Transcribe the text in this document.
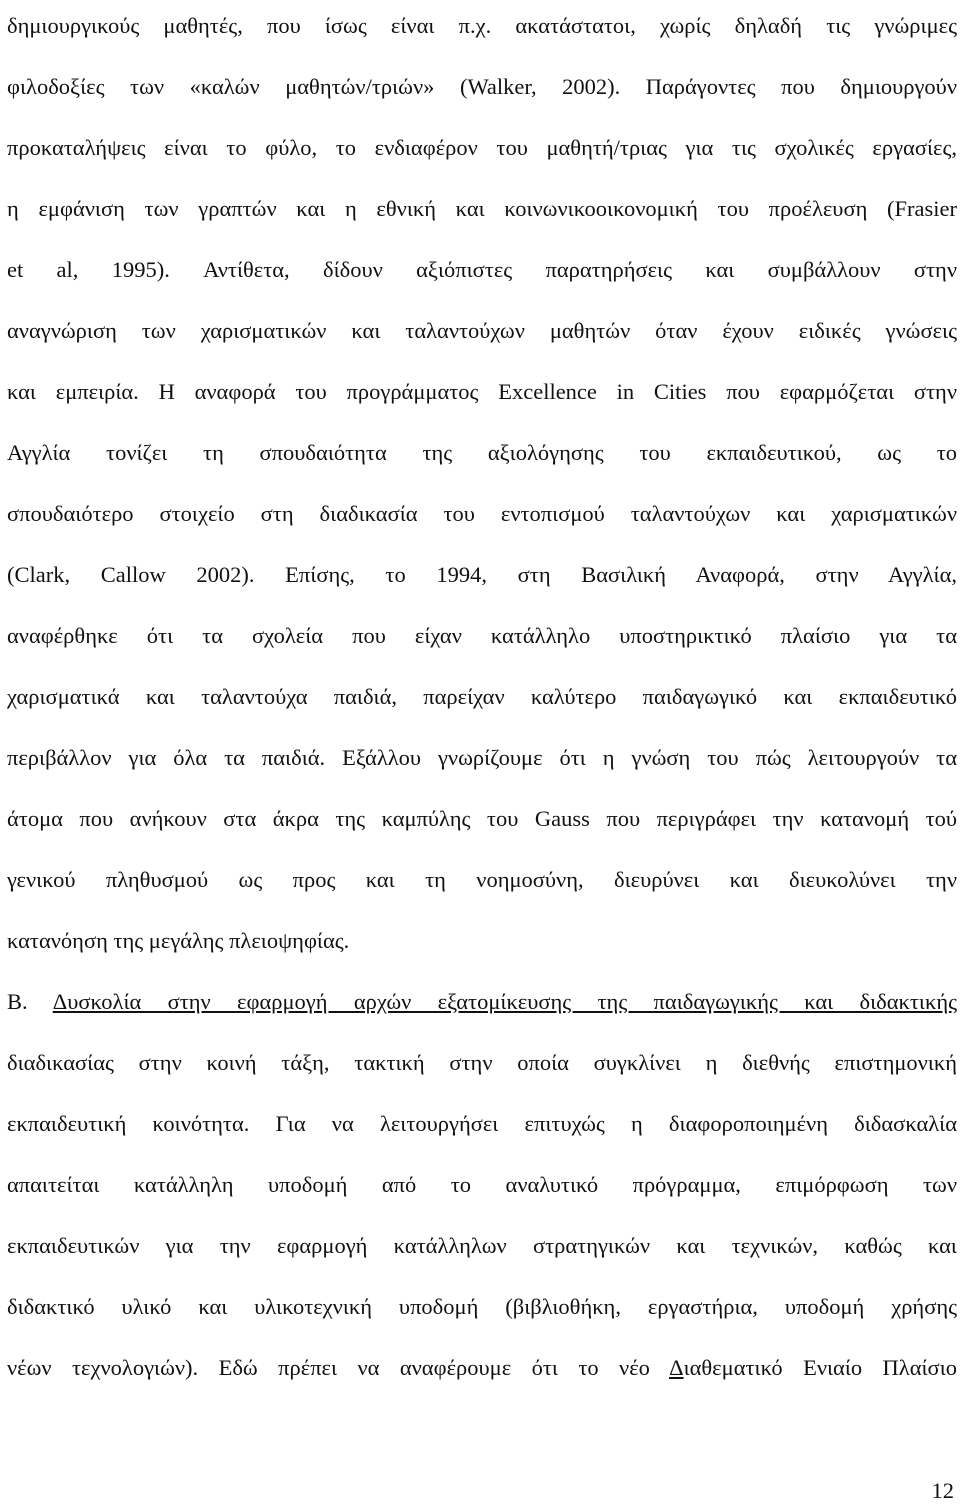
δημιουργικούς μαθητές, που ίσως είναι π.χ. ακατάστατοι, χωρίς δηλαδή τις γνώριμες
φιλοδοξίες των «καλών μαθητών/τριών» (Walker, 2002). Παράγοντες που δημιουργούν
προκαταλήψεις είναι το φύλο, το ενδιαφέρον του μαθητή/τριας για τις σχολικές εργασίες,
η εμφάνιση των γραπτών και η εθνική και κοινωνικοοικονομική του προέλευση (Frasier
et al, 1995). Αντίθετα, δίδουν αξιόπιστες παρατηρήσεις και συμβάλλουν στην
αναγνώριση των χαρισματικών και ταλαντούχων μαθητών όταν έχουν ειδικές γνώσεις
και εμπειρία. Η αναφορά του προγράμματος Excellence in Cities που εφαρμόζεται στην
Αγγλία τονίζει τη σπουδαιότητα της αξιολόγησης του εκπαιδευτικού, ως το
σπουδαιότερο στοιχείο στη διαδικασία του εντοπισμού ταλαντούχων και χαρισματικών
(Clark, Callow 2002). Επίσης, το 1994, στη Βασιλική Αναφορά, στην Αγγλία,
αναφέρθηκε ότι τα σχολεία που είχαν κατάλληλο υποστηρικτικό πλαίσιο για τα
χαρισματικά και ταλαντούχα παιδιά, παρείχαν καλύτερο παιδαγωγικό και εκπαιδευτικό
περιβάλλον για όλα τα παιδιά. Εξάλλου γνωρίζουμε ότι η γνώση του πώς λειτουργούν τα
άτομα που ανήκουν στα άκρα της καμπύλης του Gauss που περιγράφει την κατανομή τού
γενικού πληθυσμού ως προς και τη νοημοσύνη, διευρύνει και διευκολύνει την
κατανόηση της μεγάλης πλειοψηφίας.
Β. Δυσκολία στην εφαρμογή αρχών εξατομίκευσης της παιδαγωγικής και διδακτικής
διαδικασίας στην κοινή τάξη, τακτική στην οποία συγκλίνει η διεθνής επιστημονική
εκπαιδευτική κοινότητα. Για να λειτουργήσει επιτυχώς η διαφοροποιημένη διδασκαλία
απαιτείται κατάλληλη υποδομή από το αναλυτικό πρόγραμμα, επιμόρφωση των
εκπαιδευτικών για την εφαρμογή κατάλληλων στρατηγικών και τεχνικών, καθώς και
διδακτικό υλικό και υλικοτεχνική υποδομή (βιβλιοθήκη, εργαστήρια, υποδομή χρήσης
νέων τεχνολογιών). Εδώ πρέπει να αναφέρουμε ότι το νέο Διαθεματικό Ενιαίο Πλαίσιο
12
